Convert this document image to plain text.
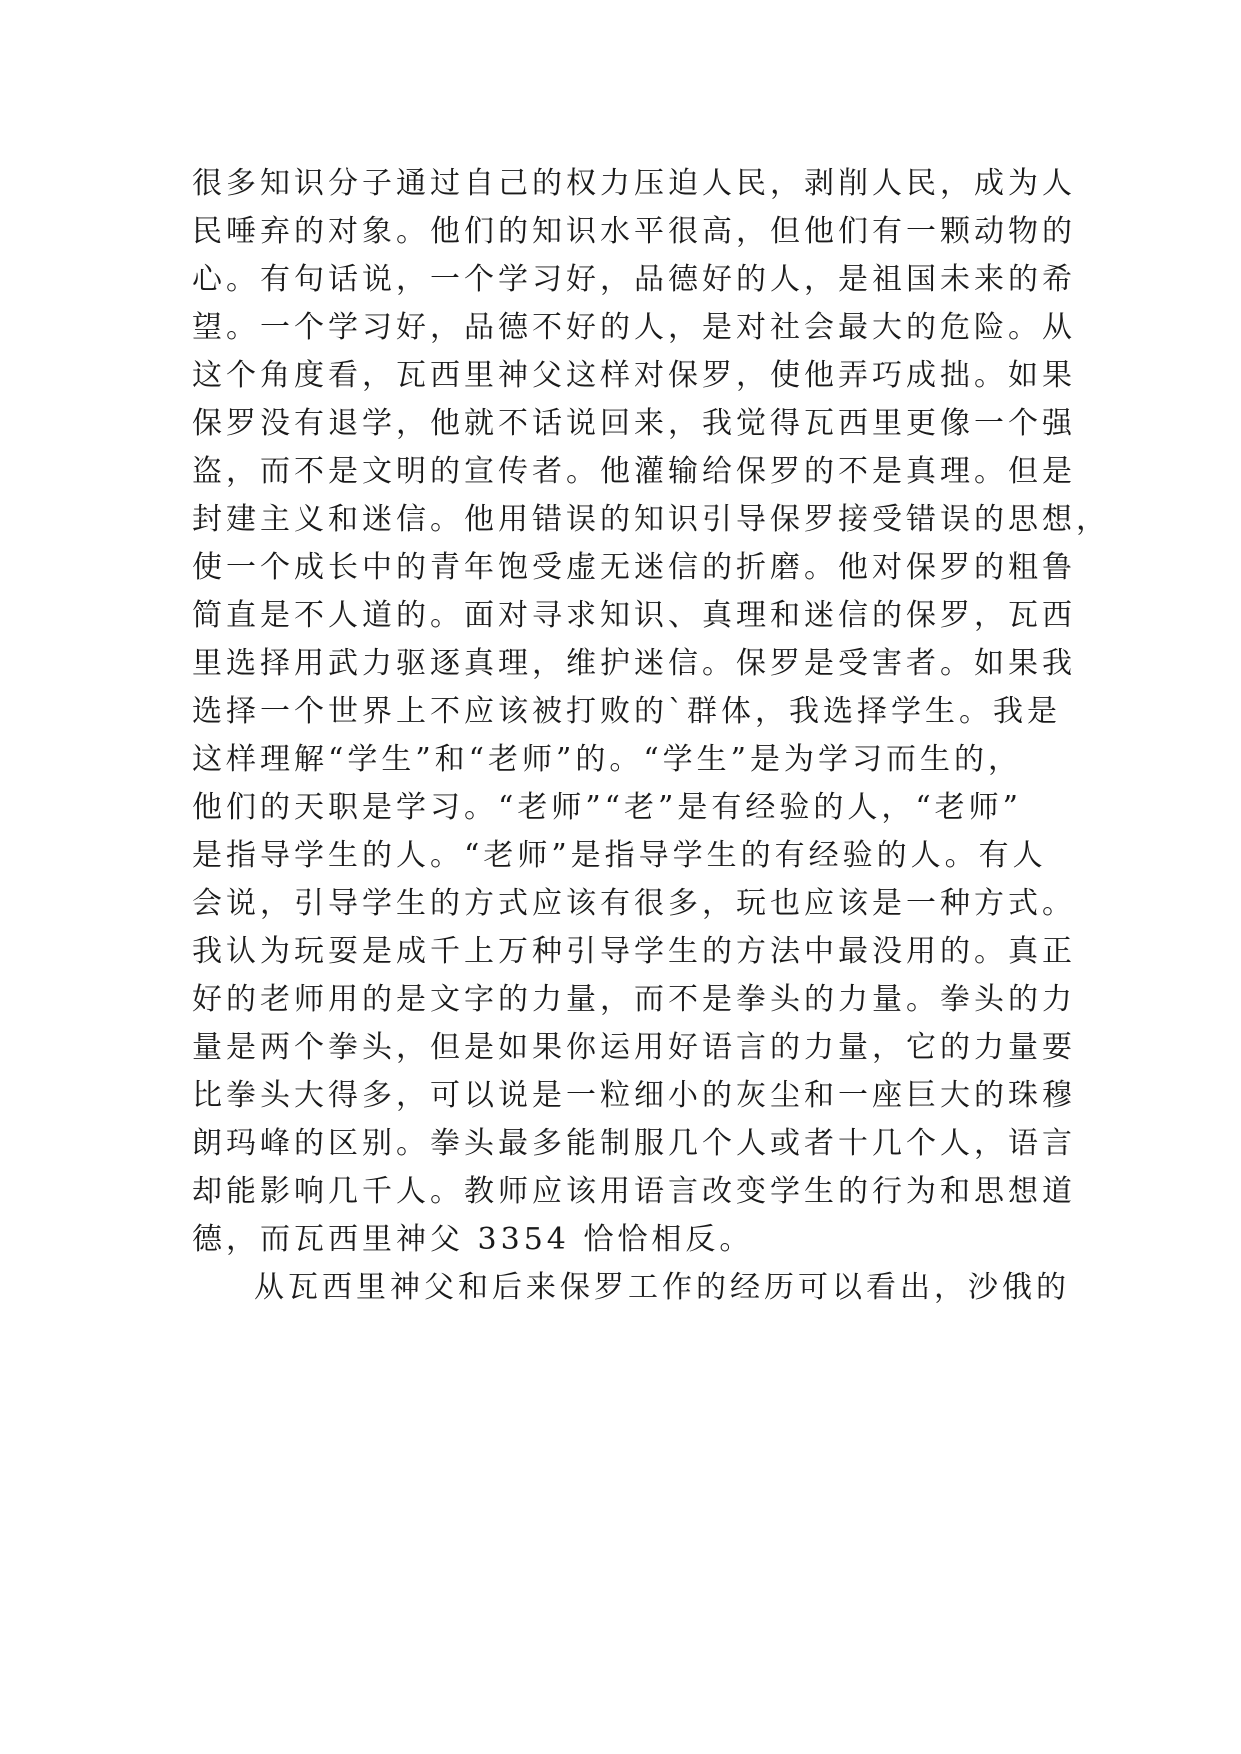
很多知识分子通过自己的权力压迫人民，剥削人民，成为人
民唾弃的对象。他们的知识水平很高，但他们有一颗动物的
心。有句话说，一个学习好，品德好的人，是祖国未来的希
望。一个学习好，品德不好的人，是对社会最大的危险。从
这个角度看，瓦西里神父这样对保罗，使他弄巧成拙。如果
保罗没有退学，他就不话说回来，我觉得瓦西里更像一个强
盗，而不是文明的宣传者。他灌输给保罗的不是真理。但是
封建主义和迷信。他用错误的知识引导保罗接受错误的思想，
使一个成长中的青年饱受虚无迷信的折磨。他对保罗的粗鲁
简直是不人道的。面对寻求知识、真理和迷信的保罗，瓦西
里选择用武力驱逐真理，维护迷信。保罗是受害者。如果我
选择一个世界上不应该被打败的`群体，我选择学生。我是
这样理解“学生”和“老师”的。“学生”是为学习而生的，
他们的天职是学习。“老师”“老”是有经验的人，“老师”
是指导学生的人。“老师”是指导学生的有经验的人。有人
会说，引导学生的方式应该有很多，玩也应该是一种方式。
我认为玩耍是成千上万种引导学生的方法中最没用的。真正
好的老师用的是文字的力量，而不是拳头的力量。拳头的力
量是两个拳头，但是如果你运用好语言的力量，它的力量要
比拳头大得多，可以说是一粒细小的灰尘和一座巨大的珠穆
朗玛峰的区别。拳头最多能制服几个人或者十几个人，语言
却能影响几千人。教师应该用语言改变学生的行为和思想道
德，而瓦西里神父 3354 恰恰相反。
从瓦西里神父和后来保罗工作的经历可以看出，沙俄的
